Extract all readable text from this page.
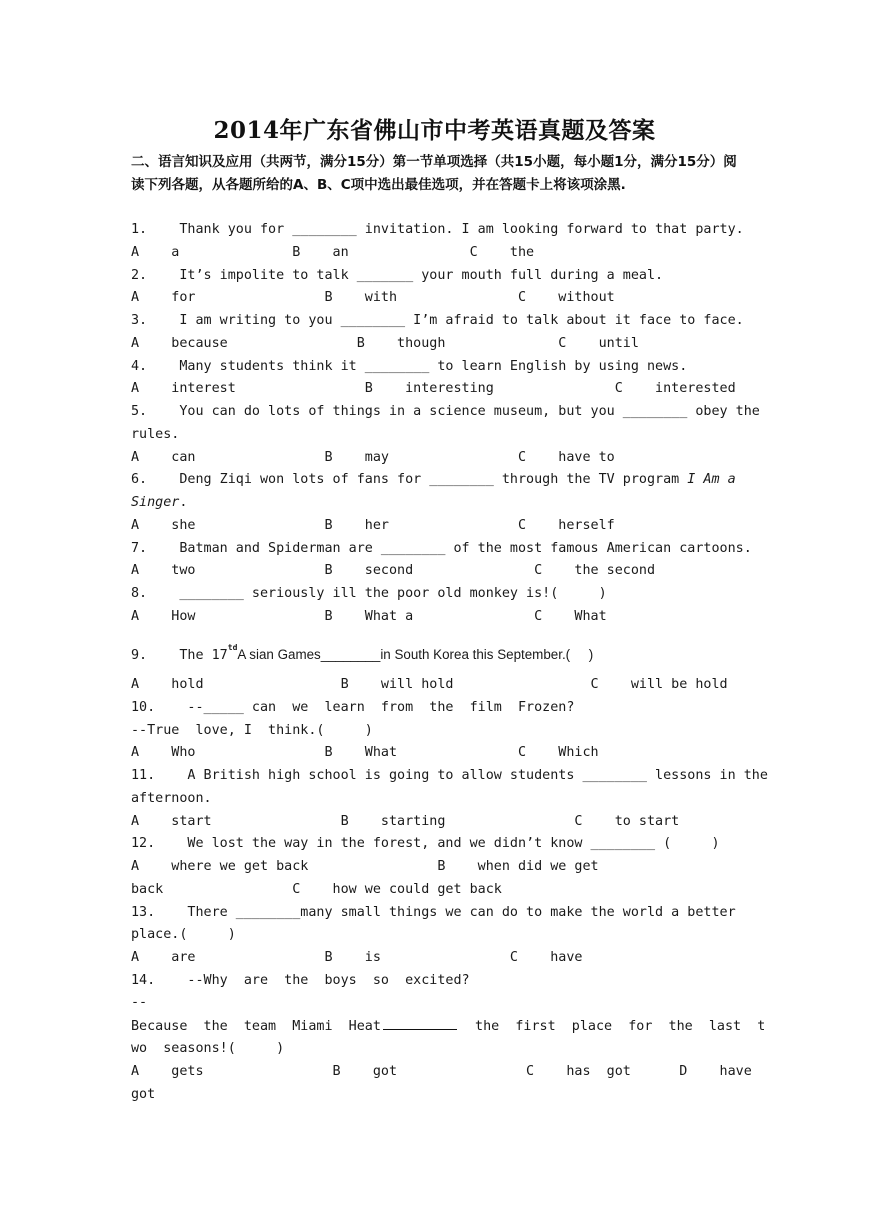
2014年广东省佛山市中考英语真题及答案
二、语言知识及应用（共两节，满分15分）第一节单项选择（共15小题，每小题1分，满分15分）阅读下列各题，从各题所给的A、B、C项中选出最佳选项，并在答题卡上将该项涂黑.
1.    Thank you for ________ invitation. I am looking forward to that party.
A    a              B    an               C    the
2.    It’s impolite to talk _______ your mouth full during a meal.
A    for                B    with               C    without
3.    I am writing to you ________ I’m afraid to talk about it face to face.
A    because                B    though              C    until
4.    Many students think it ________ to learn English by using news.
A    interest                B    interesting               C    interested
5.    You can do lots of things in a science museum, but you ________ obey the
rules.
A    can                B    may                C    have to
6.    Deng Ziqi won lots of fans for ________ through the TV program I Am a
Singer.
A    she                B    her                C    herself
7.    Batman and Spiderman are ________ of the most famous American cartoons.
A    two                B    second               C    the second
8.    ________ seriously ill the poor old monkey is!(     )
A    How                B    What a               C    What
9.    The $17^{td}A$ sian Games________in South Korea this September.(     )
A    hold                 B    will hold                 C    will be hold
10.    --_____ can  we  learn  from  the  film  Frozen?
--True  love, I  think.(     )
A    Who                B    What               C    Which
11.    A British high school is going to allow students ________ lessons in the
afternoon.
A    start                B    starting                C    to start
12.    We lost the way in the forest, and we didn’t know ________ (     )
A    where we get back                B    when did we get
back                C    how we could get back
13.    There ________many small things we can do to make the world a better
place.(     )
A    are                B    is                C    have
14.    --Why  are  the  boys  so  excited?
--
Because  the  team  Miami  Heat	the  first  place  for  the  last  t
wo  seasons!(     )
A    gets                B    got                C    has  got      D    have
got
